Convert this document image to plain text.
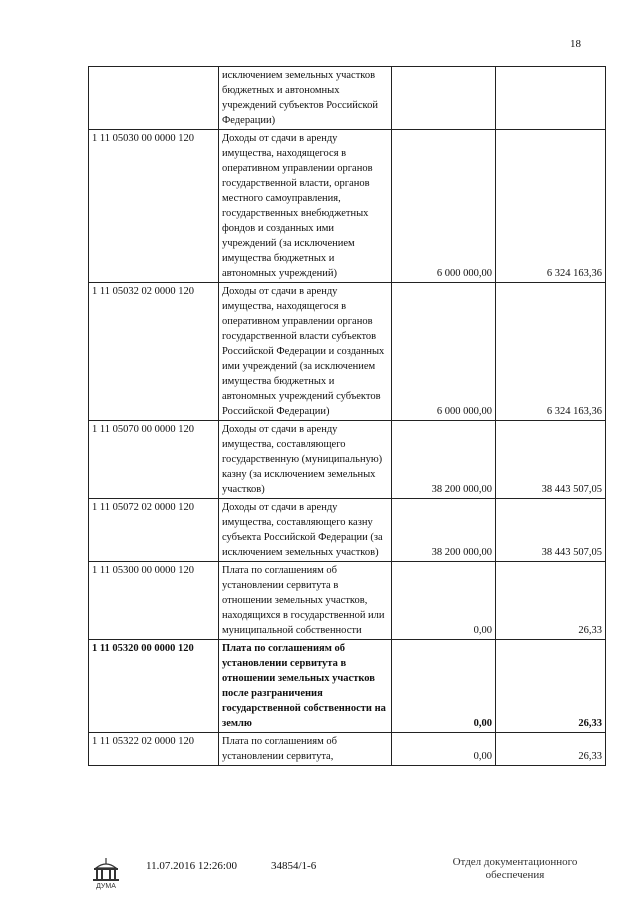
18
	исключением земельных участков бюджетных и автономных учреждений субъектов Российской Федерации)		
1 11 05030 00 0000 120	Доходы от сдачи в аренду имущества, находящегося в оперативном управлении органов государственной власти, органов местного самоуправления, государственных внебюджетных фондов и созданных ими учреждений (за исключением имущества бюджетных и автономных учреждений)	6 000 000,00	6 324 163,36
1 11 05032 02 0000 120	Доходы от сдачи в аренду имущества, находящегося в оперативном управлении органов государственной власти субъектов Российской Федерации и созданных ими учреждений (за исключением имущества бюджетных и автономных учреждений субъектов Российской Федерации)	6 000 000,00	6 324 163,36
1 11 05070 00 0000 120	Доходы от сдачи в аренду имущества, составляющего государственную (муниципальную) казну (за исключением земельных участков)	38 200 000,00	38 443 507,05
1 11 05072 02 0000 120	Доходы от сдачи в аренду имущества, составляющего казну субъекта Российской Федерации (за исключением земельных участков)	38 200 000,00	38 443 507,05
1 11 05300 00 0000 120	Плата по соглашениям об установлении сервитута в отношении земельных участков, находящихся в государственной или муниципальной собственности	0,00	26,33
1 11 05320 00 0000 120	Плата по соглашениям об установлении сервитута в отношении земельных участков после разграничения государственной собственности на землю	0,00	26,33
1 11 05322 02 0000 120	Плата по соглашениям об установлении сервитута,	0,00	26,33
ДУМА
11.07.2016 12:26:00	34854/1-6	Отдел документационного
обеспечения
